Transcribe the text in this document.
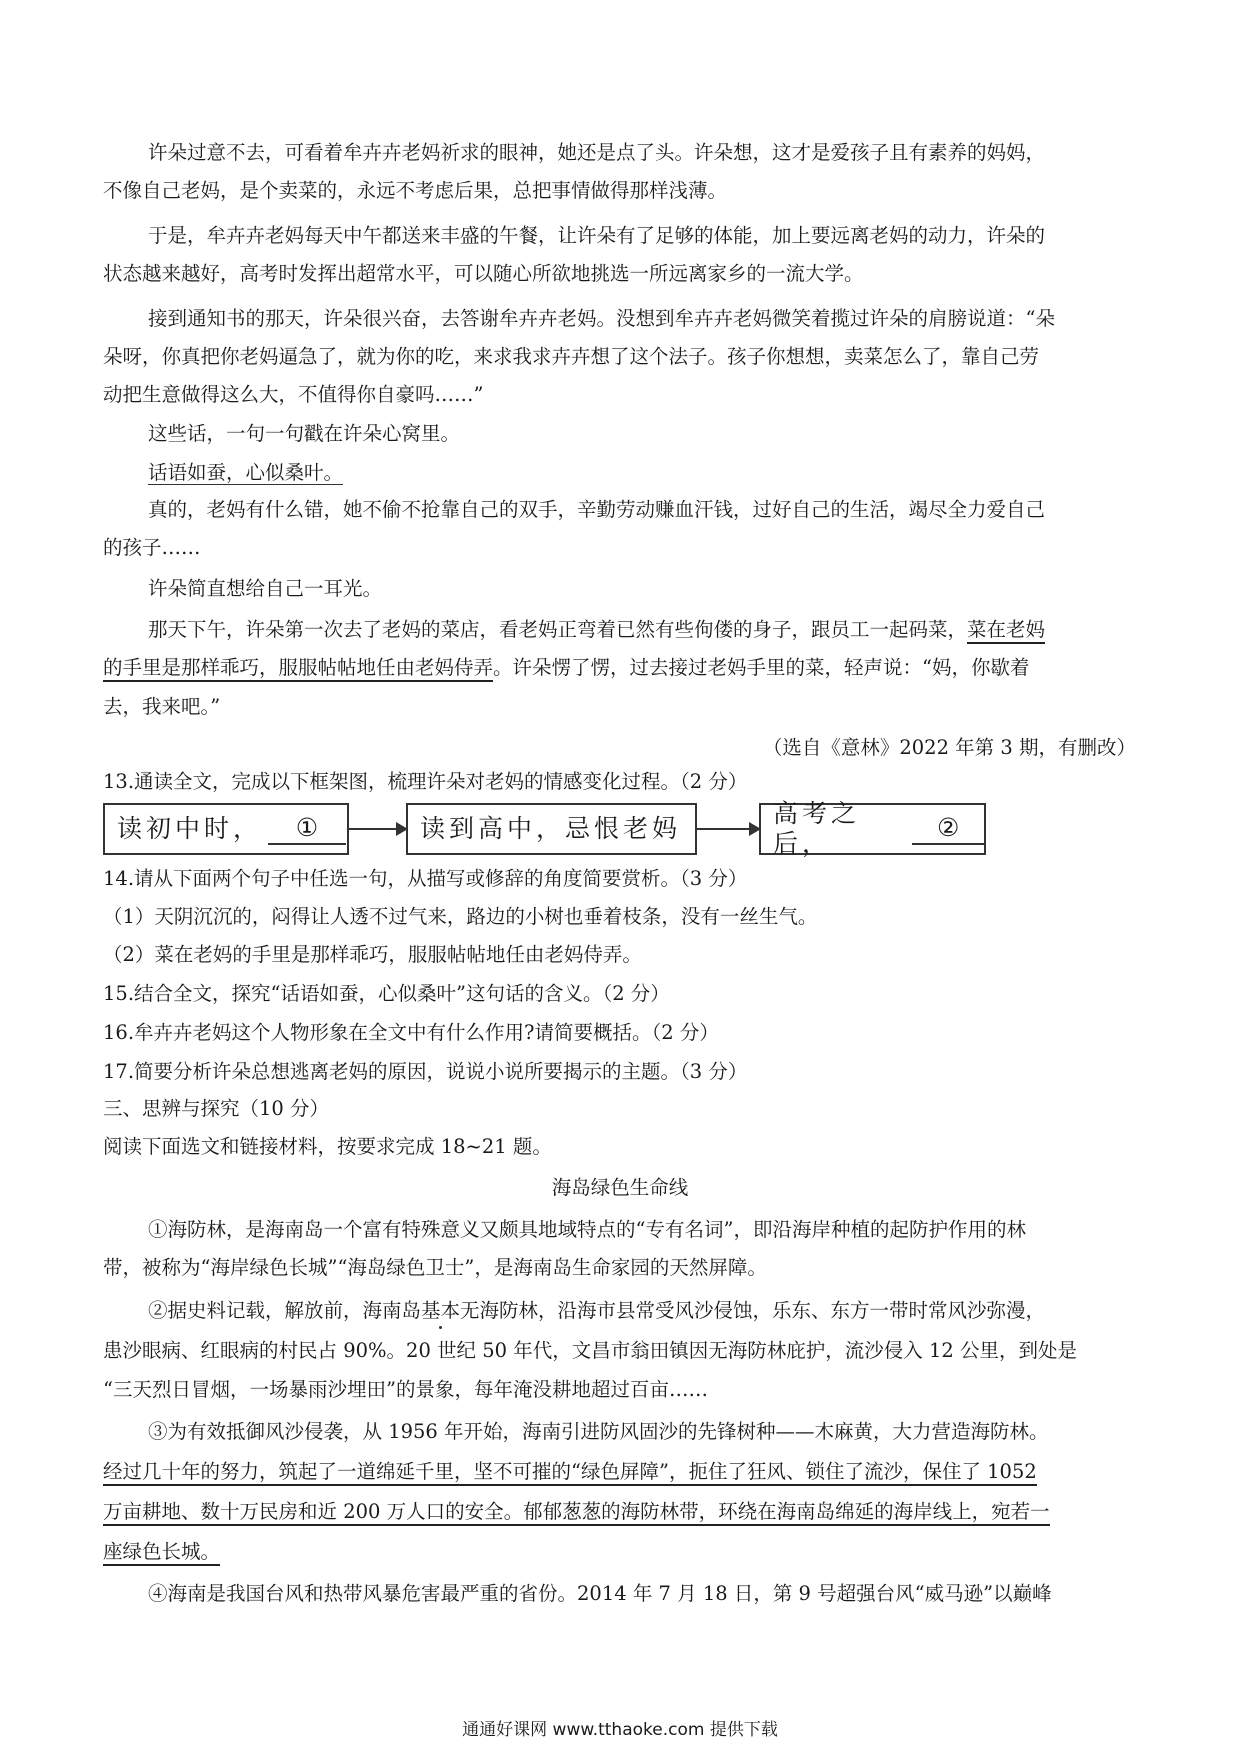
许朵过意不去，可看着牟卉卉老妈祈求的眼神，她还是点了头。许朵想，这才是爱孩子且有素养的妈妈，
不像自己老妈，是个卖菜的，永远不考虑后果，总把事情做得那样浅薄。
于是，牟卉卉老妈每天中午都送来丰盛的午餐，让许朵有了足够的体能，加上要远离老妈的动力，许朵的
状态越来越好，高考时发挥出超常水平，可以随心所欲地挑选一所远离家乡的一流大学。
接到通知书的那天，许朵很兴奋，去答谢牟卉卉老妈。没想到牟卉卉老妈微笑着揽过许朵的肩膀说道：“朵
朵呀，你真把你老妈逼急了，就为你的吃，来求我求卉卉想了这个法子。孩子你想想，卖菜怎么了，靠自己劳
动把生意做得这么大，不值得你自豪吗……”
这些话，一句一句戳在许朵心窝里。
话语如蚕，心似桑叶。
真的，老妈有什么错，她不偷不抢靠自己的双手，辛勤劳动赚血汗钱，过好自己的生活，竭尽全力爱自己
的孩子……
许朵简直想给自己一耳光。
那天下午，许朵第一次去了老妈的菜店，看老妈正弯着已然有些佝偻的身子，跟员工一起码菜，菜在老妈
的手里是那样乖巧，服服帖帖地任由老妈侍弄。许朵愣了愣，过去接过老妈手里的菜，轻声说：“妈，你歇着
去，我来吧。”
（选自《意林》2022 年第 3 期，有删改）
13.通读全文，完成以下框架图，梳理许朵对老妈的情感变化过程。（2 分）
读初中时，	①	读到高中，忌恨老妈
高考之后，
②
14.请从下面两个句子中任选一句，从描写或修辞的角度简要赏析。（3 分）
（1）天阴沉沉的，闷得让人透不过气来，路边的小树也垂着枝条，没有一丝生气。
（2）菜在老妈的手里是那样乖巧，服服帖帖地任由老妈侍弄。
15.结合全文，探究“话语如蚕，心似桑叶”这句话的含义。（2 分）
16.牟卉卉老妈这个人物形象在全文中有什么作用?请简要概括。（2 分）
17.简要分析许朵总想逃离老妈的原因，说说小说所要揭示的主题。（3 分）
三、思辨与探究（10 分）
阅读下面选文和链接材料，按要求完成 18~21 题。
海岛绿色生命线
①海防林，是海南岛一个富有特殊意义又颇具地域特点的“专有名词”，即沿海岸种植的起防护作用的林
带，被称为“海岸绿色长城”“海岛绿色卫士”，是海南岛生命家园的天然屏障。
②据史料记载，解放前，海南岛基本无海防林，沿海市县常受风沙侵蚀，乐东、东方一带时常风沙弥漫，
患沙眼病、红眼病的村民占 90%。20 世纪 50 年代，文昌市翁田镇因无海防林庇护，流沙侵入 12 公里，到处是
“三天烈日冒烟，一场暴雨沙埋田”的景象，每年淹没耕地超过百亩……
③为有效抵御风沙侵袭，从 1956 年开始，海南引进防风固沙的先锋树种——木麻黄，大力营造海防林。
经过几十年的努力，筑起了一道绵延千里，坚不可摧的“绿色屏障”，扼住了狂风、锁住了流沙，保住了 1052
万亩耕地、数十万民房和近 200 万人口的安全。郁郁葱葱的海防林带，环绕在海南岛绵延的海岸线上，宛若一
座绿色长城。
④海南是我国台风和热带风暴危害最严重的省份。2014 年 7 月 18 日，第 9 号超强台风“威马逊”以巅峰
通通好课网 www.tthaoke.com 提供下载
